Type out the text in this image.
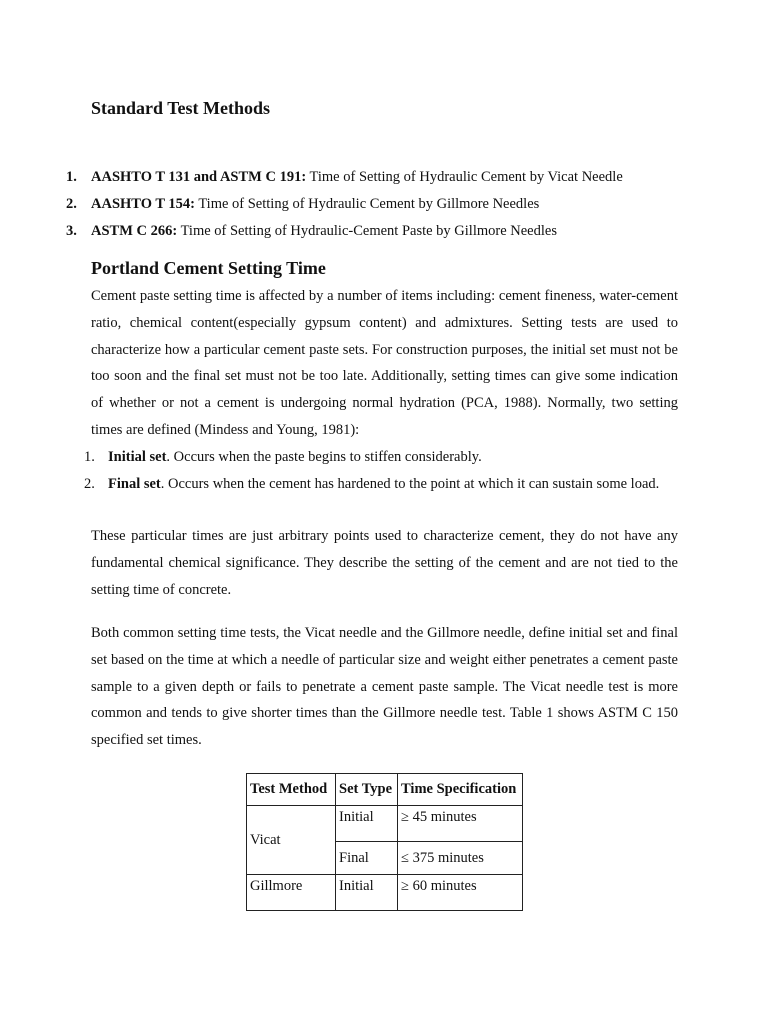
Standard Test Methods
1. AASHTO T 131 and ASTM C 191: Time of Setting of Hydraulic Cement by Vicat Needle
2. AASHTO T 154: Time of Setting of Hydraulic Cement by Gillmore Needles
3. ASTM C 266: Time of Setting of Hydraulic-Cement Paste by Gillmore Needles
Portland Cement Setting Time

Cement paste setting time is affected by a number of items including: cement fineness, water-cement ratio, chemical content(especially gypsum content) and admixtures. Setting tests are used to characterize how a particular cement paste sets. For construction purposes, the initial set must not be too soon and the final set must not be too late. Additionally, setting times can give some indication of whether or not a cement is undergoing normal hydration (PCA, 1988). Normally, two setting times are defined (Mindess and Young, 1981):

1. Initial set. Occurs when the paste begins to stiffen considerably.
2. Final set. Occurs when the cement has hardened to the point at which it can sustain some load.

These particular times are just arbitrary points used to characterize cement, they do not have any fundamental chemical significance. They describe the setting of the cement and are not tied to the setting time of concrete.

Both common setting time tests, the Vicat needle and the Gillmore needle, define initial set and final set based on the time at which a needle of particular size and weight either penetrates a cement paste sample to a given depth or fails to penetrate a cement paste sample. The Vicat needle test is more common and tends to give shorter times than the Gillmore needle test. Table 1 shows ASTM C 150 specified set times.

Test Method	Set Type	Time Specification
Vicat	Initial	≥ 45 minutes
	Final	≤ 375 minutes
Gillmore	Initial	≥ 60 minutes
